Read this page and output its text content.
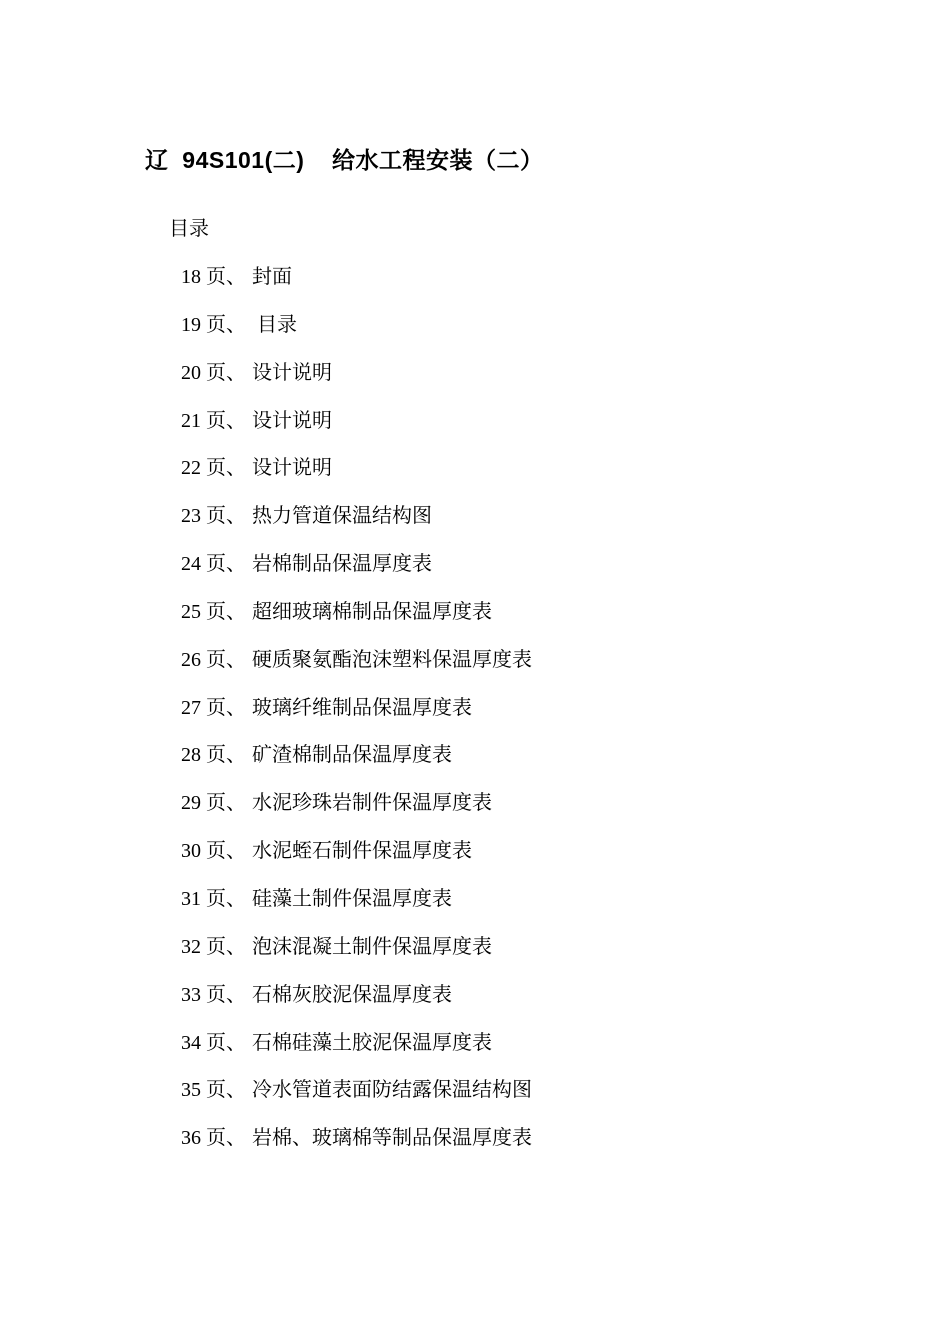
辽  94S101(二)    给水工程安装（二）
目录
18 页 、 封面
19 页 、 目录
20 页 、 设计说明
21 页 、 设计说明
22 页 、 设计说明
23 页 、 热力管道保温结构图
24 页 、 岩棉制品保温厚度表
25 页 、 超细玻璃棉制品保温厚度表
26 页 、 硬质聚氨酯泡沫塑料保温厚度表
27 页 、 玻璃纤维制品保温厚度表
28 页 、 矿渣棉制品保温厚度表
29 页 、 水泥珍珠岩制件保温厚度表
30 页 、 水泥蛭石制件保温厚度表
31 页 、 硅藻土制件保温厚度表
32 页 、 泡沫混凝土制件保温厚度表
33 页 、 石棉灰胶泥保温厚度表
34 页 、 石棉硅藻土胶泥保温厚度表
35 页 、 冷水管道表面防结露保温结构图
36 页 、 岩棉、玻璃棉等制品保温厚度表
